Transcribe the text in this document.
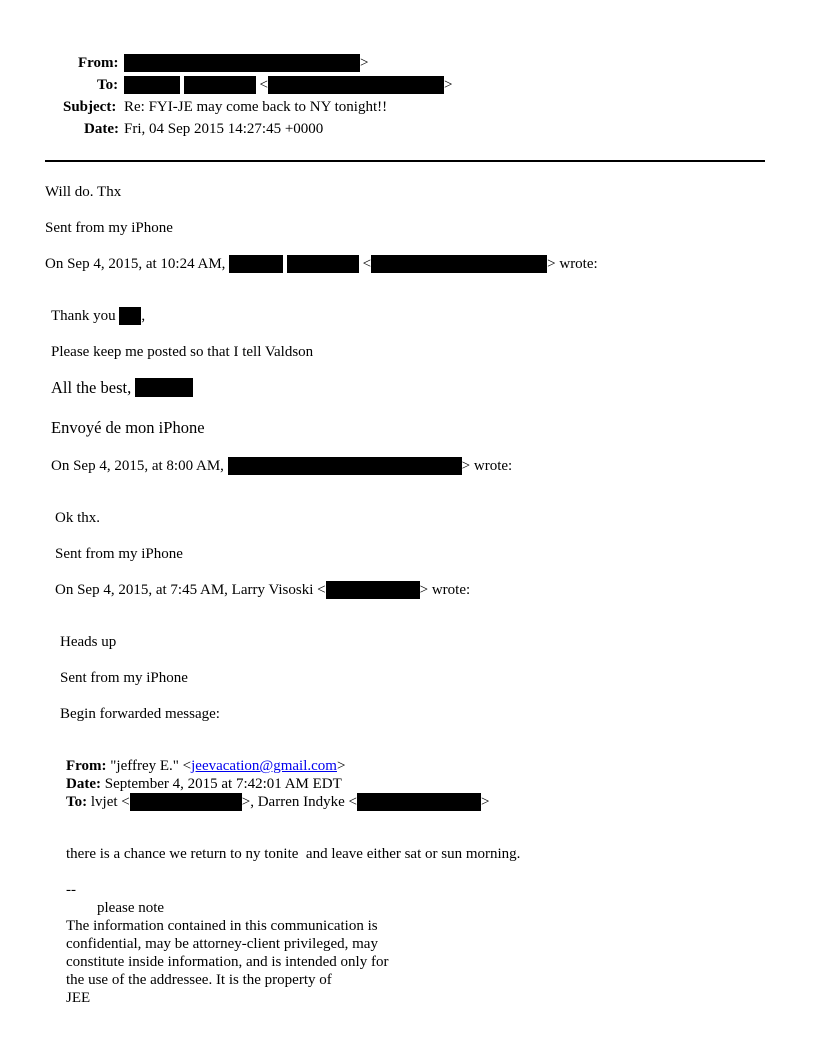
From:	>
To:	<	>
Subject: Re: FYI-JE may come back to NY tonight!!
Date: Fri, 04 Sep 2015 14:27:45 +0000
Will do. Thx
Sent from my iPhone
On Sep 4, 2015, at 10:24 AM,	<	> wrote:
Thank you ,
Please keep me posted so that I tell Valdson
All the best,
Envoyé de mon iPhone
On Sep 4, 2015, at 8:00 AM,	> wrote:
Ok thx.
Sent from my iPhone
On Sep 4, 2015, at 7:45 AM, Larry Visoski <	> wrote:
Heads up
Sent from my iPhone
Begin forwarded message:
From: "jeffrey E." <jeevacation@gmail.com>
Date: September 4, 2015 at 7:42:01 AM EDT
To: lvjet <	>, Darren Indyke <	>
there is a chance we return to ny tonite  and leave either sat or sun morning.
--
please note
The information contained in this communication is
confidential, may be attorney-client privileged, may
constitute inside information, and is intended only for
the use of the addressee. It is the property of
JEE
